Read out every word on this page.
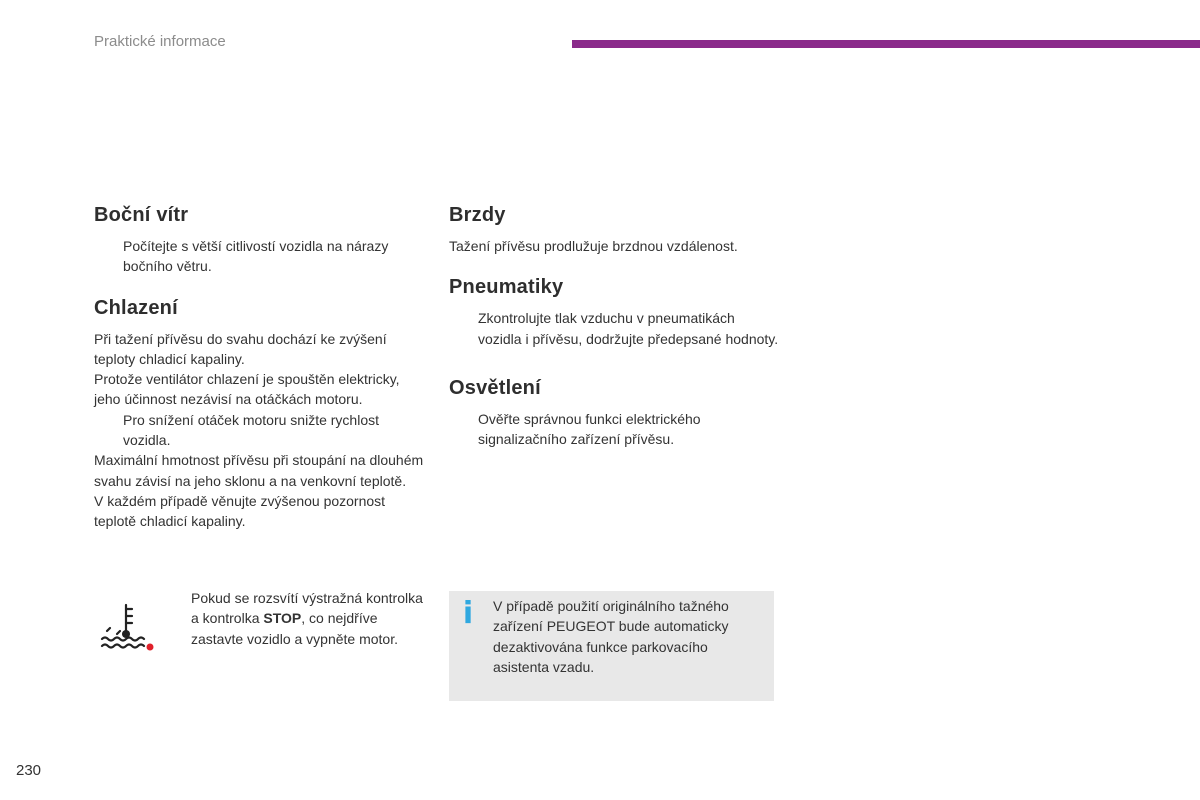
Praktické informace
Boční vítr
Počítejte s větší citlivostí vozidla na nárazy bočního větru.
Chlazení

Při tažení přívěsu do svahu dochází ke zvýšení teploty chladicí kapaliny.

Protože ventilátor chlazení je spouštěn elektricky, jeho účinnost nezávisí na otáčkách motoru.

Pro snížení otáček motoru snižte rychlost vozidla.

Maximální hmotnost přívěsu při stoupání na dlouhém svahu závisí na jeho sklonu a na venkovní teplotě.

V každém případě věnujte zvýšenou pozornost teplotě chladicí kapaliny.

Pokud se rozsvítí výstražná kontrolka a kontrolka STOP, co nejdříve zastavte vozidlo a vypněte motor.
Brzdy

Tažení přívěsu prodlužuje brzdnou vzdálenost.

Pneumatiky
Zkontrolujte tlak vzduchu v pneumatikách vozidla i přívěsu, dodržujte předepsané hodnoty.
Osvětlení
Ověřte správnou funkci elektrického signalizačního zařízení přívěsu.
i V případě použití originálního tažného zařízení PEUGEOT bude automaticky dezaktivována funkce parkovacího asistenta vzadu.
230
